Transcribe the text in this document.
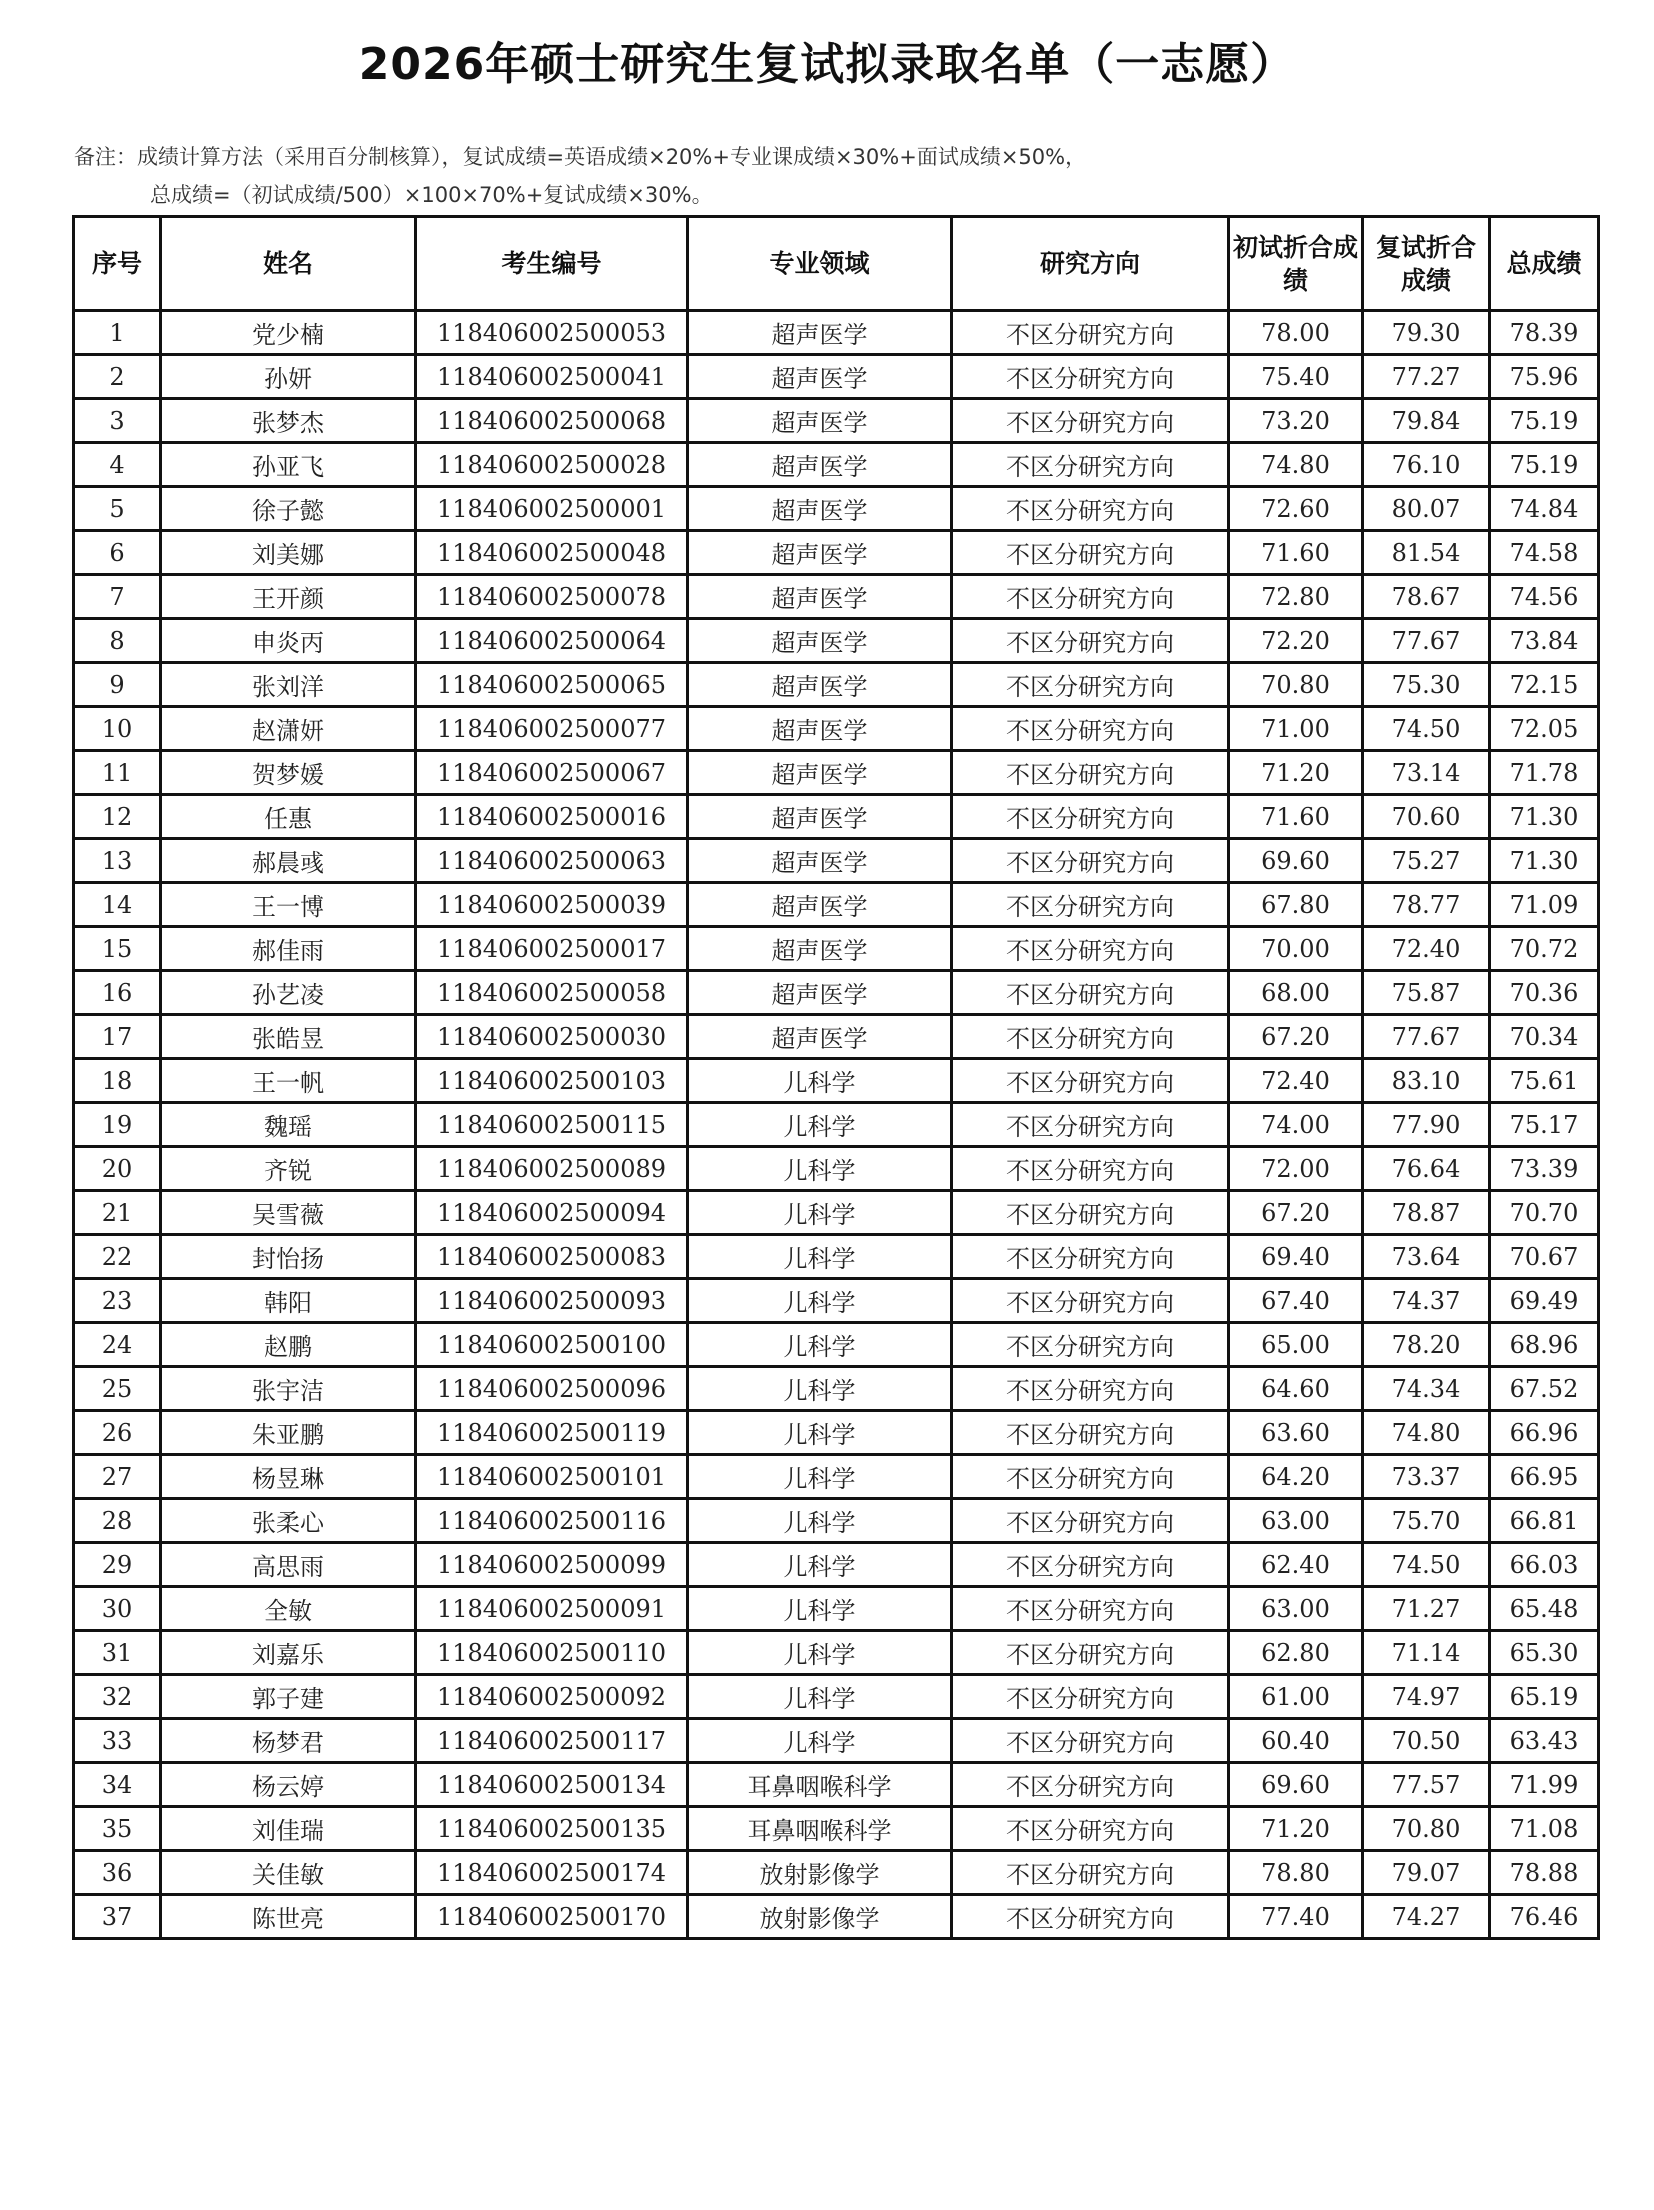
2026年硕士研究生复试拟录取名单（一志愿）
备注：成绩计算方法（采用百分制核算），复试成绩=英语成绩×20%+专业课成绩×30%+面试成绩×50%，
总成绩=（初试成绩/500）×100×70%+复试成绩×30%。
序号	姓名	考生编号	专业领域	研究方向	初试折合成绩	复试折合成绩	总成绩
1	党少楠	118406002500053	超声医学	不区分研究方向	78.00	79.30	78.39
2	孙妍	118406002500041	超声医学	不区分研究方向	75.40	77.27	75.96
3	张梦杰	118406002500068	超声医学	不区分研究方向	73.20	79.84	75.19
4	孙亚飞	118406002500028	超声医学	不区分研究方向	74.80	76.10	75.19
5	徐子懿	118406002500001	超声医学	不区分研究方向	72.60	80.07	74.84
6	刘美娜	118406002500048	超声医学	不区分研究方向	71.60	81.54	74.58
7	王开颜	118406002500078	超声医学	不区分研究方向	72.80	78.67	74.56
8	申炎丙	118406002500064	超声医学	不区分研究方向	72.20	77.67	73.84
9	张刘洋	118406002500065	超声医学	不区分研究方向	70.80	75.30	72.15
10	赵潇妍	118406002500077	超声医学	不区分研究方向	71.00	74.50	72.05
11	贺梦媛	118406002500067	超声医学	不区分研究方向	71.20	73.14	71.78
12	任惠	118406002500016	超声医学	不区分研究方向	71.60	70.60	71.30
13	郝晨彧	118406002500063	超声医学	不区分研究方向	69.60	75.27	71.30
14	王一博	118406002500039	超声医学	不区分研究方向	67.80	78.77	71.09
15	郝佳雨	118406002500017	超声医学	不区分研究方向	70.00	72.40	70.72
16	孙艺凌	118406002500058	超声医学	不区分研究方向	68.00	75.87	70.36
17	张皓昱	118406002500030	超声医学	不区分研究方向	67.20	77.67	70.34
18	王一帆	118406002500103	儿科学	不区分研究方向	72.40	83.10	75.61
19	魏瑶	118406002500115	儿科学	不区分研究方向	74.00	77.90	75.17
20	齐锐	118406002500089	儿科学	不区分研究方向	72.00	76.64	73.39
21	吴雪薇	118406002500094	儿科学	不区分研究方向	67.20	78.87	70.70
22	封怡扬	118406002500083	儿科学	不区分研究方向	69.40	73.64	70.67
23	韩阳	118406002500093	儿科学	不区分研究方向	67.40	74.37	69.49
24	赵鹏	118406002500100	儿科学	不区分研究方向	65.00	78.20	68.96
25	张宇洁	118406002500096	儿科学	不区分研究方向	64.60	74.34	67.52
26	朱亚鹏	118406002500119	儿科学	不区分研究方向	63.60	74.80	66.96
27	杨昱琳	118406002500101	儿科学	不区分研究方向	64.20	73.37	66.95
28	张柔心	118406002500116	儿科学	不区分研究方向	63.00	75.70	66.81
29	高思雨	118406002500099	儿科学	不区分研究方向	62.40	74.50	66.03
30	全敏	118406002500091	儿科学	不区分研究方向	63.00	71.27	65.48
31	刘嘉乐	118406002500110	儿科学	不区分研究方向	62.80	71.14	65.30
32	郭子建	118406002500092	儿科学	不区分研究方向	61.00	74.97	65.19
33	杨梦君	118406002500117	儿科学	不区分研究方向	60.40	70.50	63.43
34	杨云婷	118406002500134	耳鼻咽喉科学	不区分研究方向	69.60	77.57	71.99
35	刘佳瑞	118406002500135	耳鼻咽喉科学	不区分研究方向	71.20	70.80	71.08
36	关佳敏	118406002500174	放射影像学	不区分研究方向	78.80	79.07	78.88
37	陈世亮	118406002500170	放射影像学	不区分研究方向	77.40	74.27	76.46
